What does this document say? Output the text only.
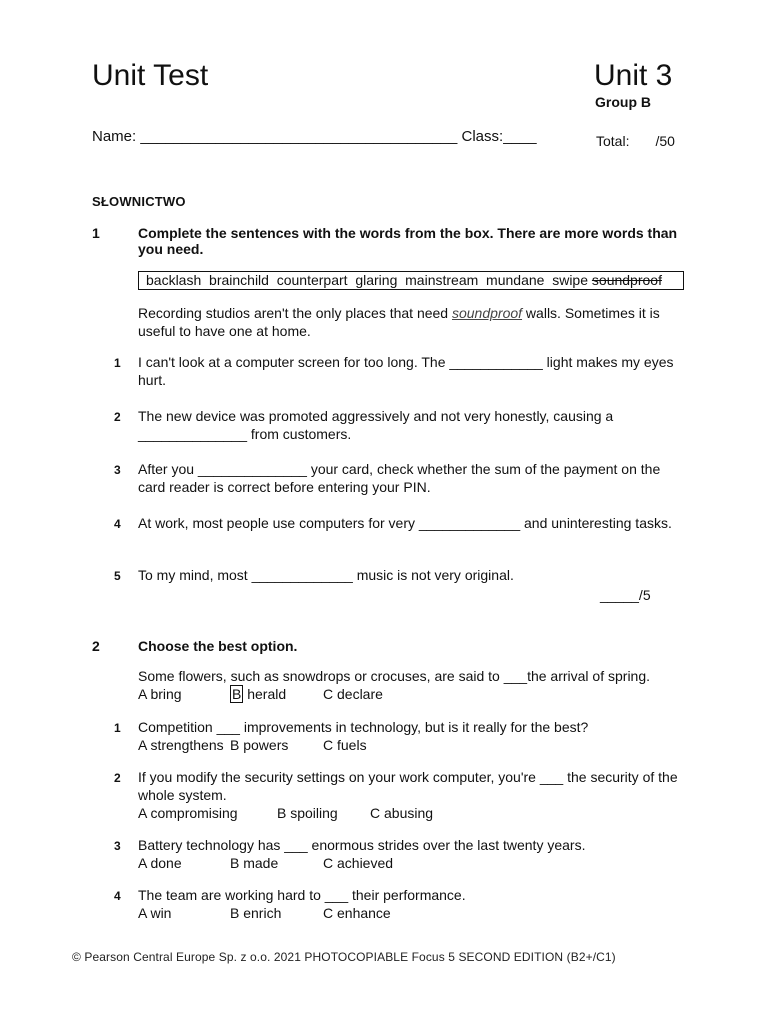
Unit Test	Unit 3
Group B
Name: ______________________________________ Class:____	Total: /50
SŁOWNICTWO
1	Complete the sentences with the words from the box. There are more words than you need.
backlash  brainchild  counterpart  glaring  mainstream  mundane  swipe soundproof
Recording studios aren't the only places that need soundproof walls. Sometimes it is useful to have one at home.
1 I can't look at a computer screen for too long. The ____________ light makes my eyes hurt.
2 The new device was promoted aggressively and not very honestly, causing a ______________ from customers.
3 After you ______________ your card, check whether the sum of the payment on the card reader is correct before entering your PIN.
4 At work, most people use computers for very _____________ and uninteresting tasks.
5 To my mind, most _____________ music is not very original.
_____/5
2	Choose the best option.
Some flowers, such as snowdrops or crocuses, are said to ___the arrival of spring.
A bring	B herald	C declare
1 Competition ___ improvements in technology, but is it really for the best?
A strengthens B powers C fuels
2 If you modify the security settings on your work computer, you're ___ the security of the whole system.
A compromising	B spoiling C abusing
3 Battery technology has ___ enormous strides over the last twenty years.
A done	B made	C achieved
4 The team are working hard to ___ their performance.
A win	B enrich	C enhance
© Pearson Central Europe Sp. z o.o. 2021 PHOTOCOPIABLE Focus 5 SECOND EDITION (B2+/C1)
